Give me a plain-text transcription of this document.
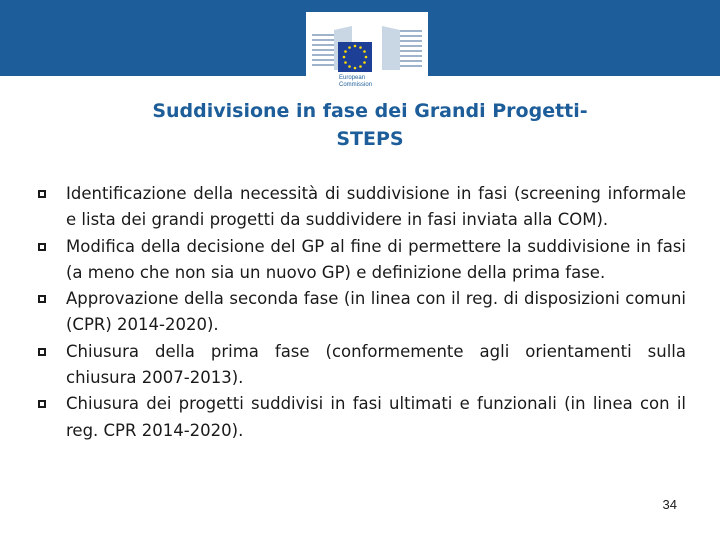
European
Commission
Suddivisione in fase dei Grandi Progetti-
STEPS
Identificazione della necessità di suddivisione in fasi (screening informale e lista dei grandi progetti da suddividere in fasi inviata alla COM).
Modifica della decisione del GP al fine di permettere la suddivisione in fasi (a meno che non sia un nuovo GP) e definizione della prima fase.
Approvazione della seconda fase (in linea con il reg. di disposizioni comuni (CPR) 2014-2020).
Chiusura della prima fase (conformemente agli orientamenti sulla chiusura 2007-2013).
Chiusura dei progetti suddivisi in fasi ultimati e funzionali (in linea con il reg. CPR 2014-2020).
34
